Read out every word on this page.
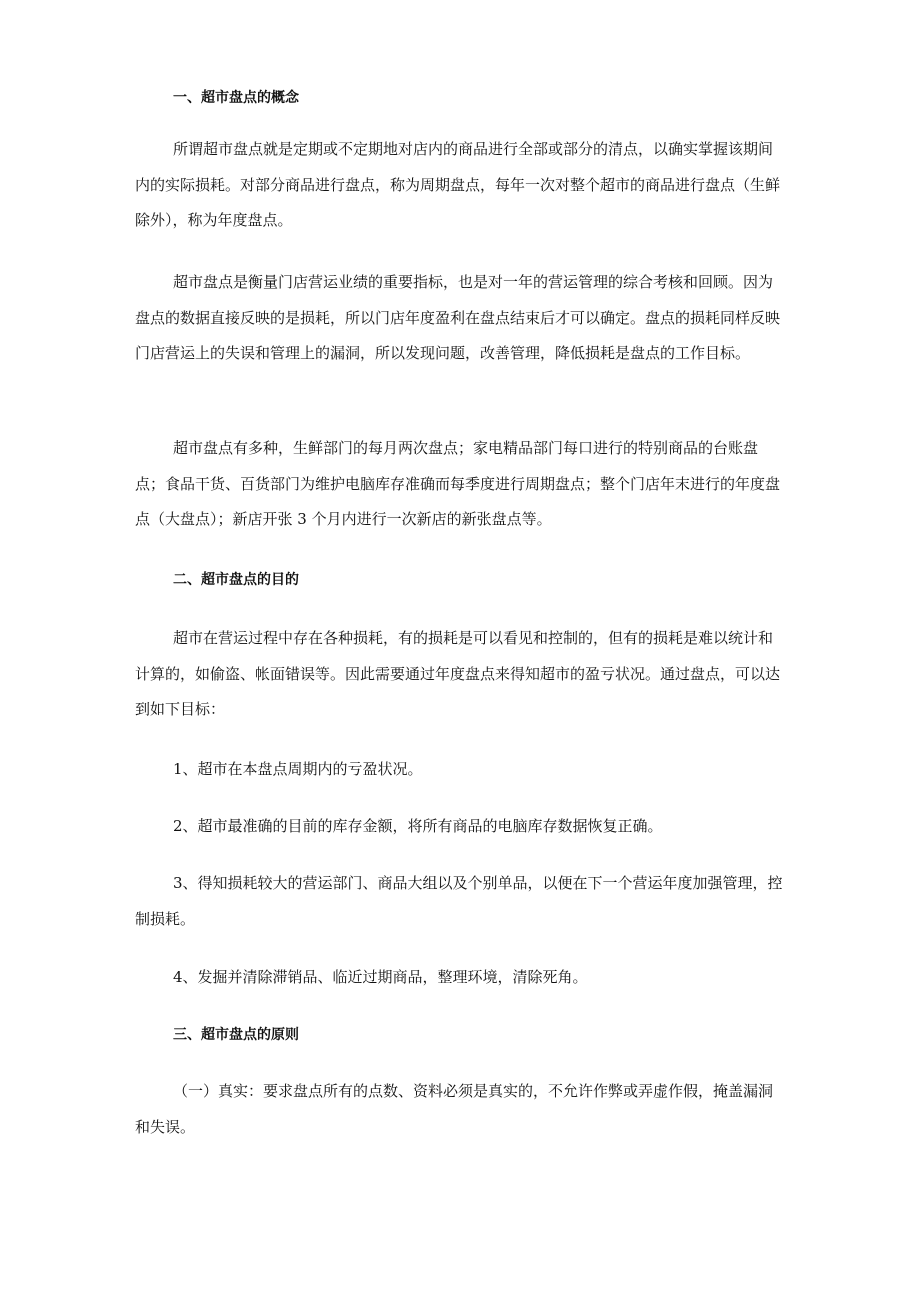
一、超市盘点的概念

所谓超市盘点就是定期或不定期地对店内的商品进行全部或部分的清点，以确实掌握该期间内的实际损耗。对部分商品进行盘点，称为周期盘点，每年一次对整个超市的商品进行盘点（生鲜除外），称为年度盘点。

超市盘点是衡量门店营运业绩的重要指标，也是对一年的营运管理的综合考核和回顾。因为盘点的数据直接反映的是损耗，所以门店年度盈利在盘点结束后才可以确定。盘点的损耗同样反映门店营运上的失误和管理上的漏洞，所以发现问题，改善管理，降低损耗是盘点的工作目标。

超市盘点有多种，生鲜部门的每月两次盘点；家电精品部门每口进行的特别商品的台账盘点；食品干货、百货部门为维护电脑库存准确而每季度进行周期盘点；整个门店年末进行的年度盘点（大盘点）；新店开张 3 个月内进行一次新店的新张盘点等。

二、超市盘点的目的

超市在营运过程中存在各种损耗，有的损耗是可以看见和控制的，但有的损耗是难以统计和计算的，如偷盗、帐面错误等。因此需要通过年度盘点来得知超市的盈亏状况。通过盘点，可以达到如下目标：

1、超市在本盘点周期内的亏盈状况。

2、超市最准确的目前的库存金额，将所有商品的电脑库存数据恢复正确。

3、得知损耗较大的营运部门、商品大组以及个别单品，以便在下一个营运年度加强管理，控制损耗。

4、发掘并清除滞销品、临近过期商品，整理环境，清除死角。

三、超市盘点的原则

（一）真实：要求盘点所有的点数、资料必须是真实的，不允许作弊或弄虚作假，掩盖漏洞和失误。
